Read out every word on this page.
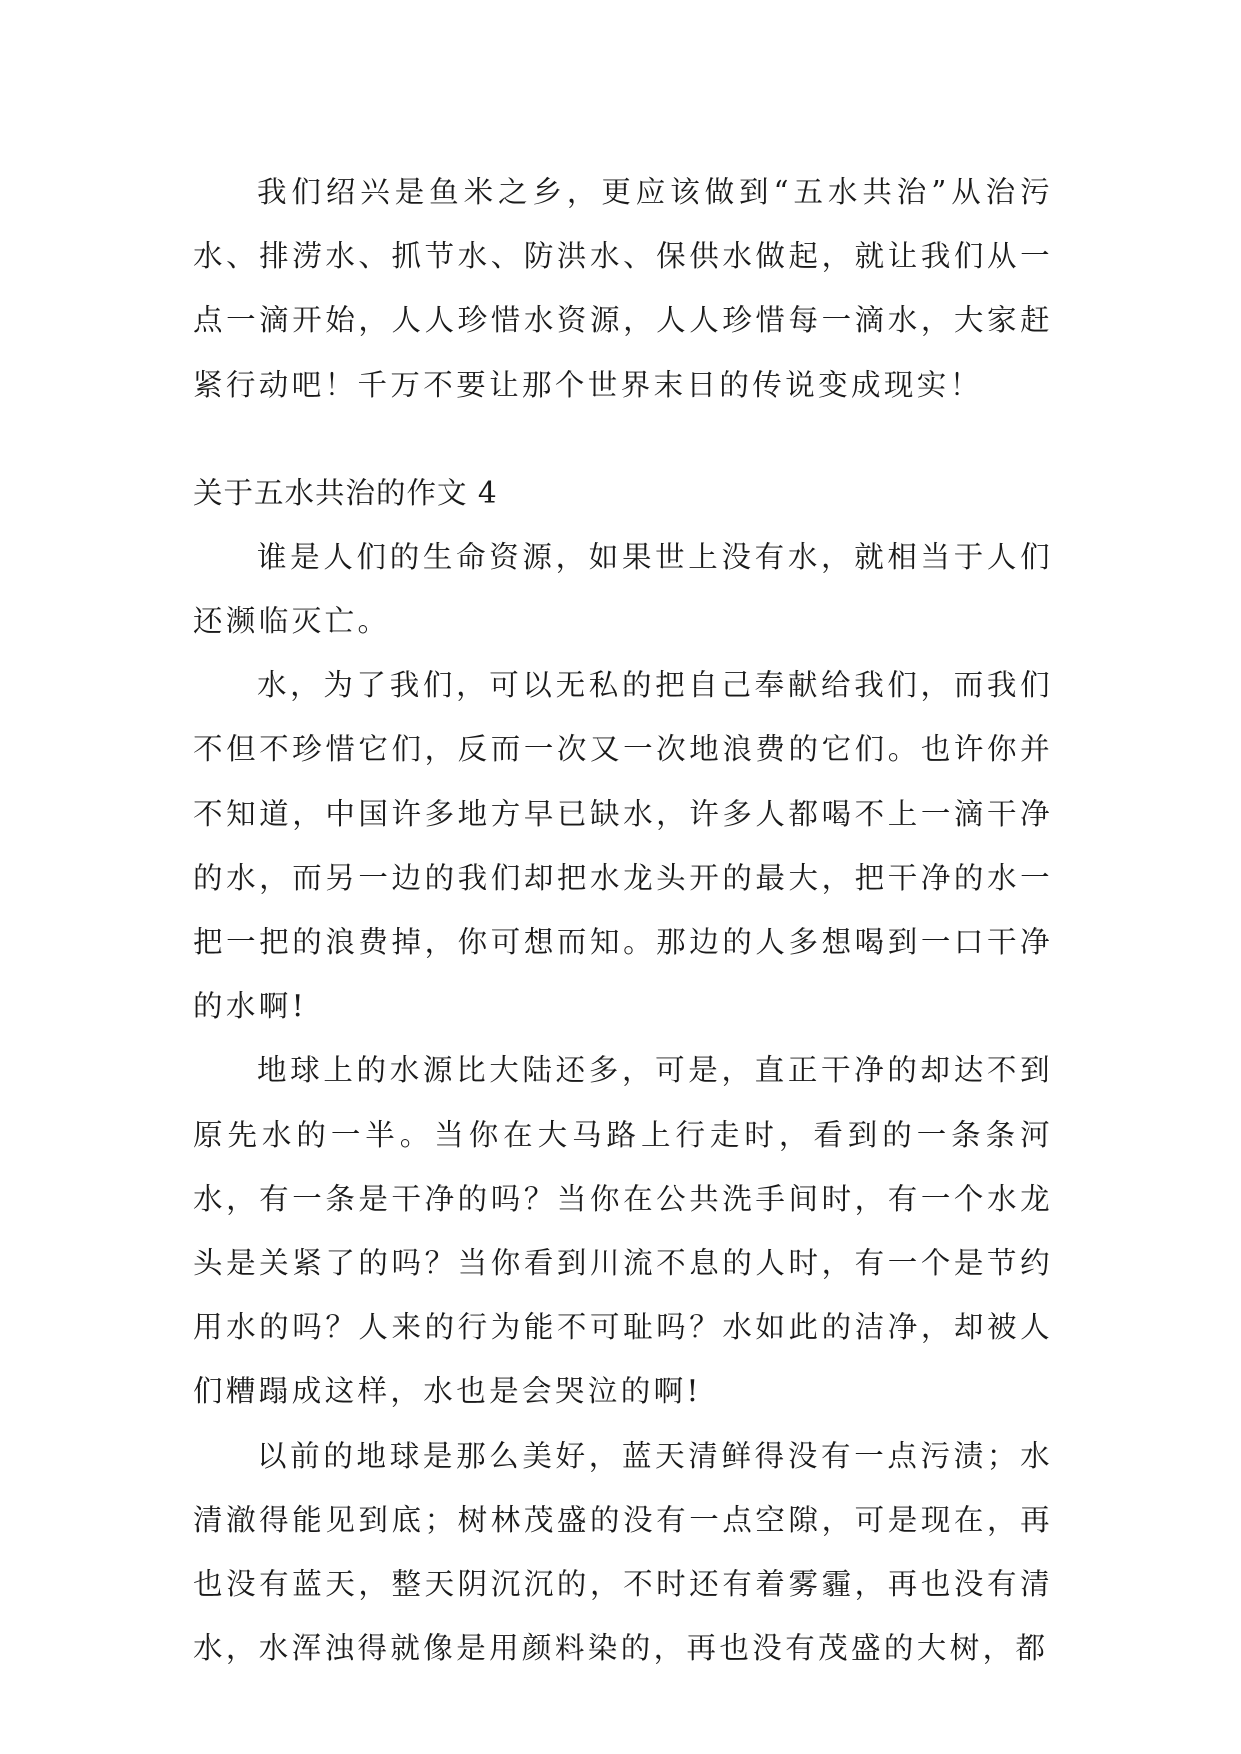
我们绍兴是鱼米之乡，更应该做到“五水共治”从治污水、排涝水、抓节水、防洪水、保供水做起，就让我们从一点一滴开始，人人珍惜水资源，人人珍惜每一滴水，大家赶紧行动吧！千万不要让那个世界末日的传说变成现实！

关于五水共治的作文 4

谁是人们的生命资源，如果世上没有水，就相当于人们还濒临灭亡。

水，为了我们，可以无私的把自己奉献给我们，而我们不但不珍惜它们，反而一次又一次地浪费的它们。也许你并不知道，中国许多地方早已缺水，许多人都喝不上一滴干净的水，而另一边的我们却把水龙头开的最大，把干净的水一把一把的浪费掉，你可想而知。那边的人多想喝到一口干净的水啊!

地球上的水源比大陆还多，可是，直正干净的却达不到原先水的一半。当你在大马路上行走时，看到的一条条河水，有一条是干净的吗？当你在公共洗手间时，有一个水龙头是关紧了的吗？当你看到川流不息的人时，有一个是节约用水的吗？人来的行为能不可耻吗？水如此的洁净，却被人们糟蹋成这样，水也是会哭泣的啊!

以前的地球是那么美好，蓝天清鲜得没有一点污渍；水清澈得能见到底；树林茂盛的没有一点空隙，可是现在，再也没有蓝天，整天阴沉沉的，不时还有着雾霾，再也没有清水，水浑浊得就像是用颜料染的，再也没有茂盛的大树，都
